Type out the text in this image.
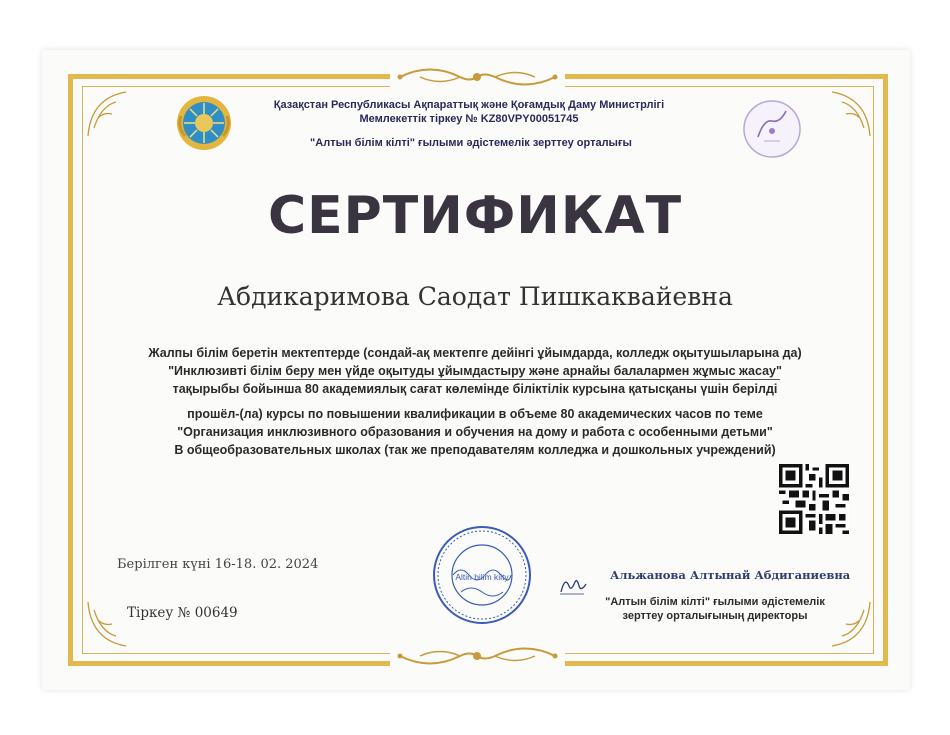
Қазақстан Республикасы Ақпараттық және Қоғамдық Даму Министрлігі
Мемлекеттік тіркеу № KZ80VPY00051745
"Алтын білім кілті" ғылыми әдістемелік зерттеу орталығы
СЕРТИФИКАТ
Абдикаримова Саодат Пишкаквайевна
Жалпы білім беретін мектептерде (сондай-ақ мектепге дейінгі ұйымдарда, колледж оқытушыларына да)
"Инклюзивті білім беру мен үйде оқытуды ұйымдастыру және арнайы балалармен жұмыс жасау"
тақырыбы бойынша 80 академиялық сағат көлемінде біліктілік курсына қатысқаны үшін берілді
прошёл-(ла) курсы по повышении квалификации в объеме 80 академических часов по теме
"Организация инклюзивного образования и обучения на дому и работа с особенными детьми"
В общеобразовательных школах (так же преподавателям колледжа и дошкольных учреждений)
Берілген күні 16-18. 02. 2024
Тіркеу № 00649
Altin bilim kilty	Альжанова Алтынай Абдиганиевна
"Алтын білім кілті" ғылыми әдістемелік
зерттеу орталығының директоры
